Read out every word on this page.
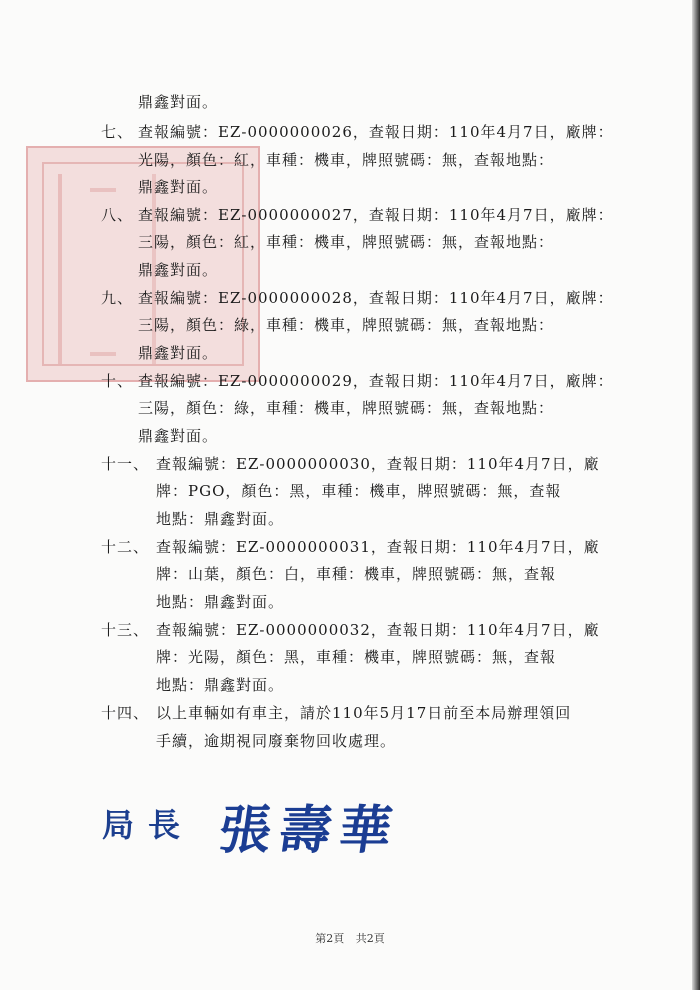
鼎鑫對面。
七、 查報編號：EZ-0000000026，查報日期：110年4月7日，廠牌：
光陽，顏色：紅，車種：機車，牌照號碼：無，查報地點：
鼎鑫對面。
八、 查報編號：EZ-0000000027，查報日期：110年4月7日，廠牌：
三陽，顏色：紅，車種：機車，牌照號碼：無，查報地點：
鼎鑫對面。
九、 查報編號：EZ-0000000028，查報日期：110年4月7日，廠牌：
三陽，顏色：綠，車種：機車，牌照號碼：無，查報地點：
鼎鑫對面。
十、 查報編號：EZ-0000000029，查報日期：110年4月7日，廠牌：
三陽，顏色：綠，車種：機車，牌照號碼：無，查報地點：
鼎鑫對面。
十一、 查報編號：EZ-0000000030，查報日期：110年4月7日，廠
牌：PGO，顏色：黑，車種：機車，牌照號碼：無，查報
地點：鼎鑫對面。
十二、 查報編號：EZ-0000000031，查報日期：110年4月7日，廠
牌：山葉，顏色：白，車種：機車，牌照號碼：無，查報
地點：鼎鑫對面。
十三、 查報編號：EZ-0000000032，查報日期：110年4月7日，廠
牌：光陽，顏色：黑，車種：機車，牌照號碼：無，查報
地點：鼎鑫對面。
十四、 以上車輛如有車主，請於110年5月17日前至本局辦理領回
手續，逾期視同廢棄物回收處理。
局長 張壽華
第2頁 共2頁
